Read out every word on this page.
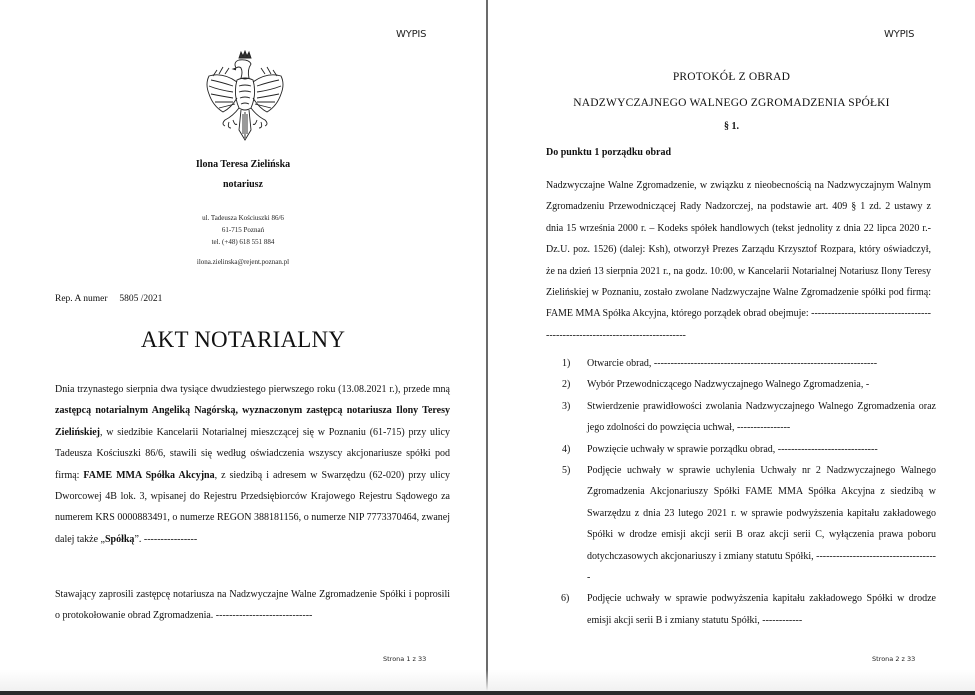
WYPIS
Ilona Teresa Zielińska
notariusz
ul. Tadeusza Kościuszki 86/6
61-715 Poznań
tel. (+48) 618 551 884
ilona.zielinska@rejent.poznan.pl
Rep. A numer 5805 /2021
AKT NOTARIALNY
Dnia trzynastego sierpnia dwa tysiące dwudziestego pierwszego roku (13.08.2021 r.), przede mną zastępcą notarialnym Angeliką Nagórską, wyznaczonym zastępcą notariusza Ilony Teresy Zielińskiej, w siedzibie Kancelarii Notarialnej mieszczącej się w Poznaniu (61-715) przy ulicy Tadeusza Kościuszki 86/6, stawili się według oświadczenia wszyscy akcjonariusze spółki pod firmą: FAME MMA Spółka Akcyjna, z siedzibą i adresem w Swarzędzu (62-020) przy ulicy Dworcowej 4B lok. 3, wpisanej do Rejestru Przedsiębiorców Krajowego Rejestru Sądowego za numerem KRS 0000883491, o numerze REGON 388181156, o numerze NIP 7773370464, zwanej dalej także „Spółką”. ----------------
Stawający zaprosili zastępcę notariusza na Nadzwyczajne Walne Zgromadzenie Spółki i poprosili o protokołowanie obrad Zgromadzenia. -----------------------------
Strona 1 z 33
WYPIS
PROTOKÓŁ Z OBRAD
NADZWYCZAJNEGO WALNEGO ZGROMADZENIA SPÓŁKI
§ 1.
Do punktu 1 porządku obrad
Nadzwyczajne Walne Zgromadzenie, w związku z nieobecnością na Nadzwyczajnym Walnym Zgromadzeniu Przewodniczącej Rady Nadzorczej, na podstawie art. 409 § 1 zd. 2 ustawy z dnia 15 września 2000 r. – Kodeks spółek handlowych (tekst jednolity z dnia 22 lipca 2020 r.- Dz.U. poz. 1526) (dalej: Ksh), otworzył Prezes Zarządu Krzysztof Rozpara, który oświadczył, że na dzień 13 sierpnia 2021 r., na godz. 10:00, w Kancelarii Notarialnej Notariusz Ilony Teresy Zielińskiej w Poznaniu, zostało zwolane Nadzwyczajne Walne Zgromadzenie spółki pod firmą: FAME MMA Spółka Akcyjna, którego porządek obrad obejmuje: ------------------------------------------------------------------------------
1) Otwarcie obrad, -------------------------------------------------------------------
2) Wybór Przewodniczącego Nadzwyczajnego Walnego Zgromadzenia, -
3) Stwierdzenie prawidłowości zwolania Nadzwyczajnego Walnego Zgromadzenia oraz jego zdolności do powzięcia uchwał, ----------------
4) Powzięcie uchwały w sprawie porządku obrad, ------------------------------
5) Podjęcie uchwały w sprawie uchylenia Uchwały nr 2 Nadzwyczajnego Walnego Zgromadzenia Akcjonariuszy Spółki FAME MMA Spółka Akcyjna z siedzibą w Swarzędzu z dnia 23 lutego 2021 r. w sprawie podwyższenia kapitału zakładowego Spółki w drodze emisji akcji serii B oraz akcji serii C, wyłączenia prawa poboru dotychczasowych akcjonariuszy i zmiany statutu Spółki, -------------------------------------
6) Podjęcie uchwały w sprawie podwyższenia kapitału zakładowego Spółki w drodze emisji akcji serii B i zmiany statutu Spółki, ------------
Strona 2 z 33
